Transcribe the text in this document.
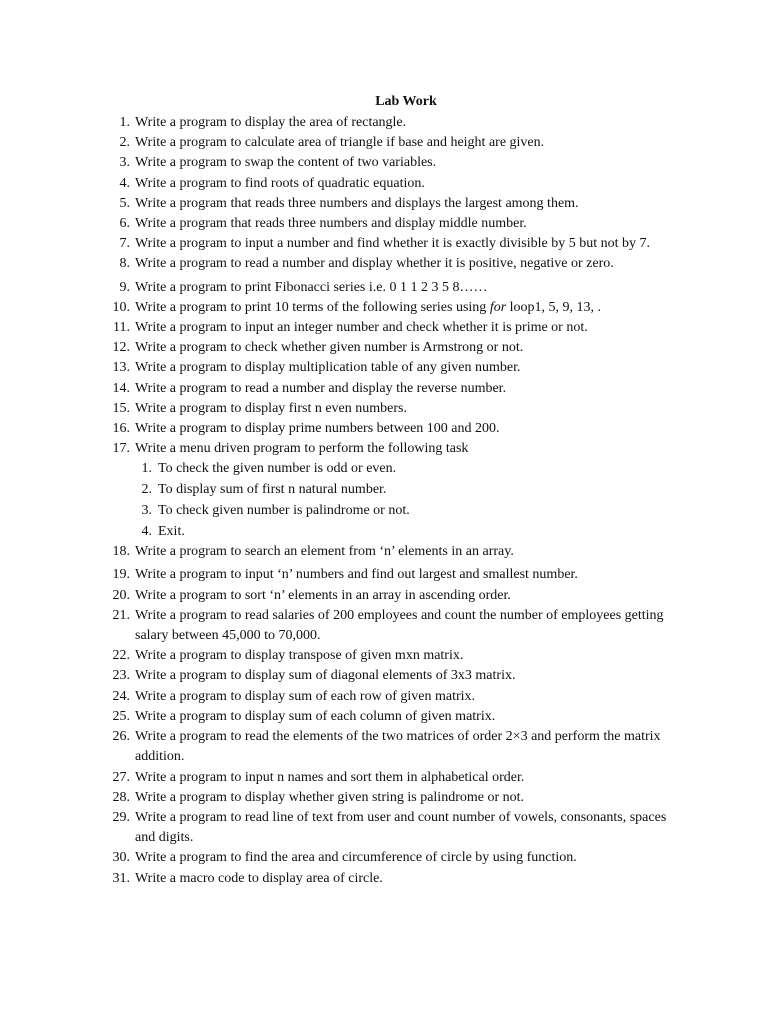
Lab Work
1. Write a program to display the area of rectangle.
2. Write a program to calculate area of triangle if base and height are given.
3. Write a program to swap the content of two variables.
4. Write a program to find roots of quadratic equation.
5. Write a program that reads three numbers and displays the largest among them.
6. Write a program that reads three numbers and display middle number.
7. Write a program to input a number and find whether it is exactly divisible by 5 but not by 7.
8. Write a program to read a number and display whether it is positive, negative or zero.
9. Write a program to print Fibonacci series i.e. 0 1 1 2 3 5 8……
10. Write a program to print 10 terms of the following series using for loop1, 5, 9, 13, .
11. Write a program to input an integer number and check whether it is prime or not.
12. Write a program to check whether given number is Armstrong or not.
13. Write a program to display multiplication table of any given number.
14. Write a program to read a number and display the reverse number.
15. Write a program to display first n even numbers.
16. Write a program to display prime numbers between 100 and 200.
17. Write a menu driven program to perform the following task
1. To check the given number is odd or even.
2. To display sum of first n natural number.
3. To check given number is palindrome or not.
4. Exit.
18. Write a program to search an element from ‘n’ elements in an array.
19. Write a program to input ‘n’ numbers and find out largest and smallest number.
20. Write a program to sort ‘n’ elements in an array in ascending order.
21. Write a program to read salaries of 200 employees and count the number of employees getting salary between 45,000 to 70,000.
22. Write a program to display transpose of given mxn matrix.
23. Write a program to display sum of diagonal elements of 3x3 matrix.
24. Write a program to display sum of each row of given matrix.
25. Write a program to display sum of each column of given matrix.
26. Write a program to read the elements of the two matrices of order 2×3 and perform the matrix addition.
27. Write a program to input n names and sort them in alphabetical order.
28. Write a program to display whether given string is palindrome or not.
29. Write a program to read line of text from user and count number of vowels, consonants, spaces and digits.
30. Write a program to find the area and circumference of circle by using function.
31. Write a macro code to display area of circle.
